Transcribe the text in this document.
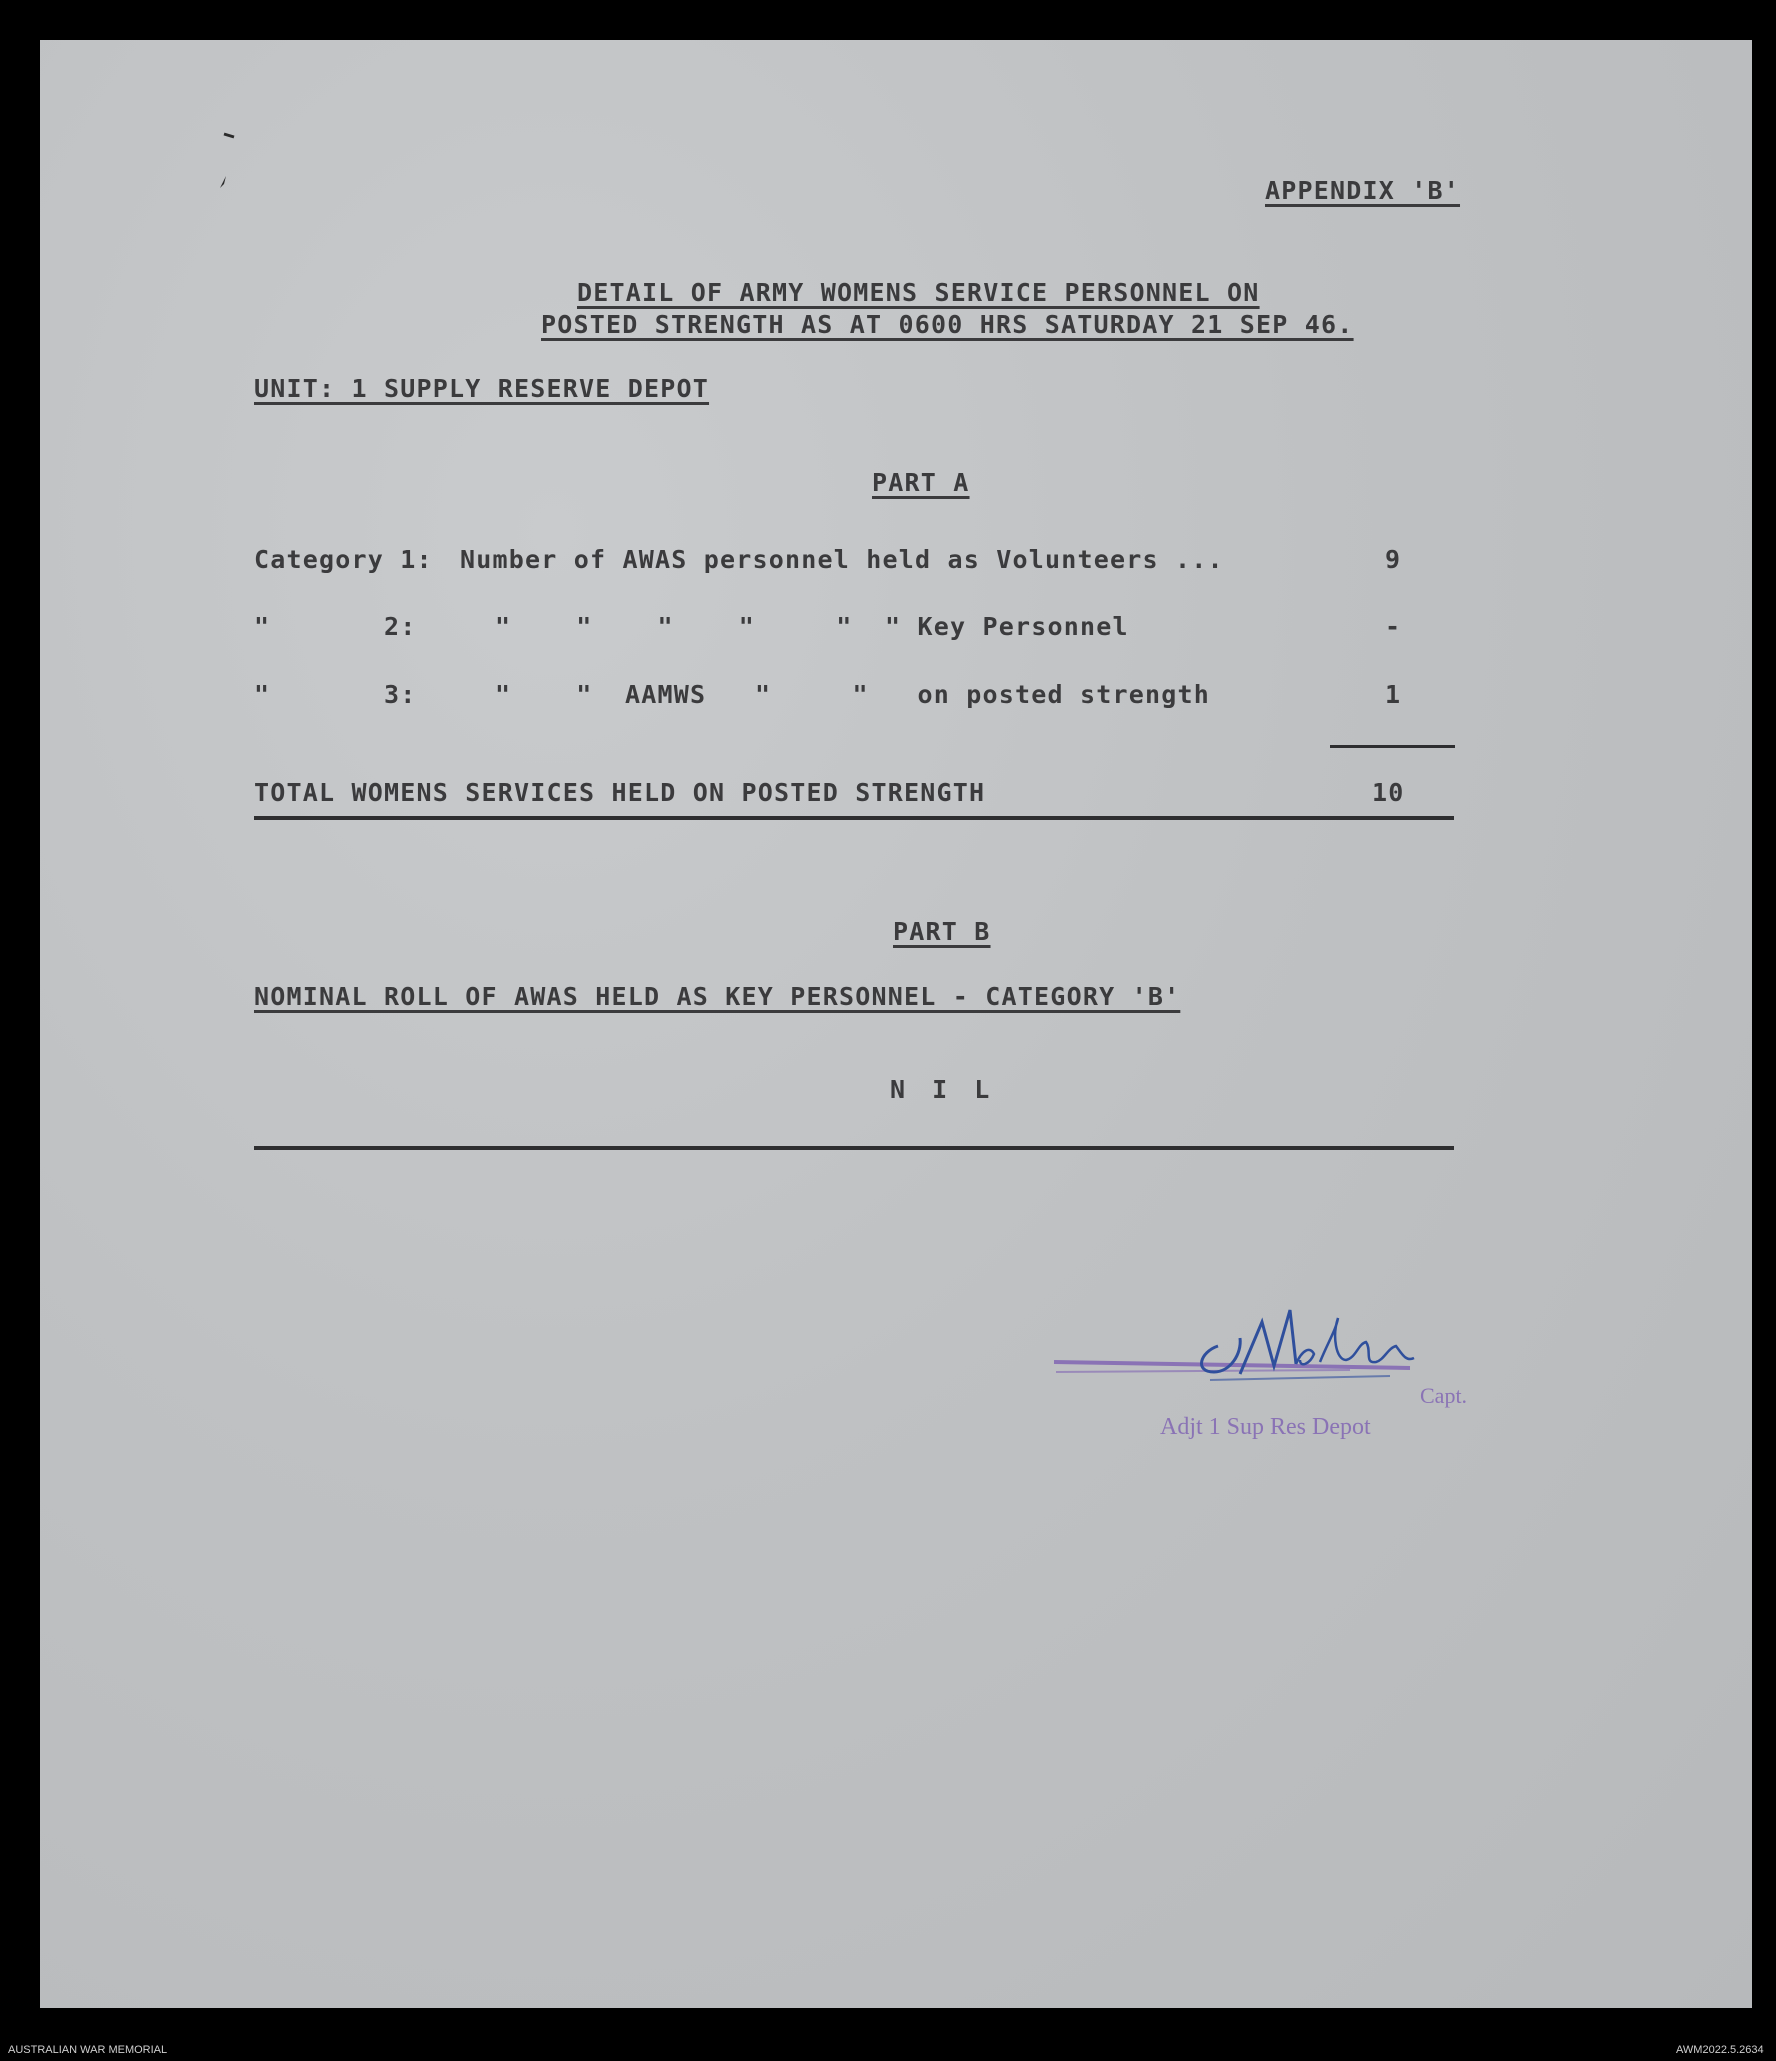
APPENDIX 'B'
DETAIL OF ARMY WOMENS SERVICE PERSONNEL ON
POSTED STRENGTH AS AT 0600 HRS SATURDAY 21 SEP 46.
UNIT: 1 SUPPLY RESERVE DEPOT
PART A
Category 1: Number of AWAS personnel held as Volunteers ...	9
"       2:	"    "    "    "     "  " Key Personnel	-
"       3:	"    "  AAMWS   "     "   on posted strength	1
TOTAL WOMENS SERVICES HELD ON POSTED STRENGTH	10
PART B
NOMINAL ROLL OF AWAS HELD AS KEY PERSONNEL - CATEGORY 'B'
N I L
Capt.
Adjt 1 Sup Res Depot
AUSTRALIAN WAR MEMORIAL	AWM2022.5.2634
